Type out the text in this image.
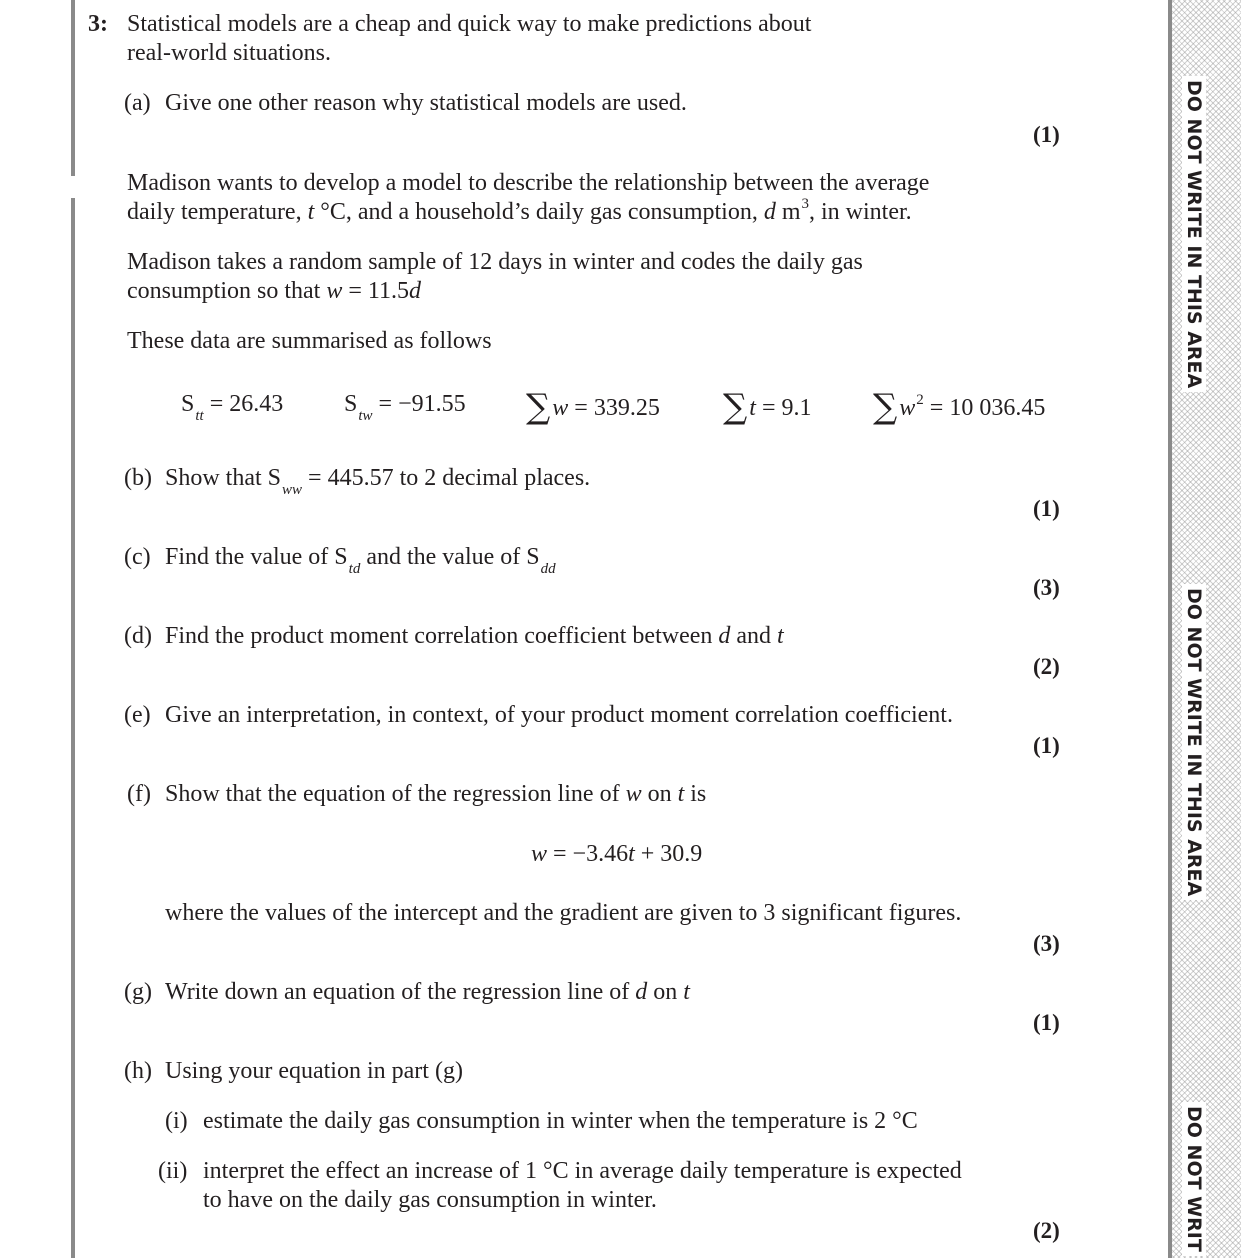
DO NOT WRITE IN THIS AREA
DO NOT WRITE IN THIS AREA
DO NOT WRIT
3: Statistical models are a cheap and quick way to make predictions about
real-world situations.
(a) Give one other reason why statistical models are used.
(1)
Madison wants to develop a model to describe the relationship between the average
daily temperature, t °C, and a household’s daily gas consumption, d $m^3$, in winter.
Madison takes a random sample of 12 days in winter and codes the daily gas
consumption so that w = 11.5d
These data are summarised as follows
$S_{tt} = 26.43$	$S_{tw} = -91.55$ ∑w = 339.25 ∑t = 9.1 $\sum w^2 = 10$ 036.45
(b) Show that $S_{ww} = 445.57$ to 2 decimal places.
(1)
(c) Find the value of $S_{td}$ and the value of $S_{dd}$
(3)
(d) Find the product moment correlation coefficient between d and t
(2)
(e) Give an interpretation, in context, of your product moment correlation coefficient.
(1)
(f) Show that the equation of the regression line of w on t is
w = −3.46t + 30.9
where the values of the intercept and the gradient are given to 3 significant figures.
(3)
(g) Write down an equation of the regression line of d on t
(1)
(h) Using your equation in part (g)
(i) estimate the daily gas consumption in winter when the temperature is 2 °C
(ii) interpret the effect an increase of 1 °C in average daily temperature is expected
to have on the daily gas consumption in winter.
(2)
